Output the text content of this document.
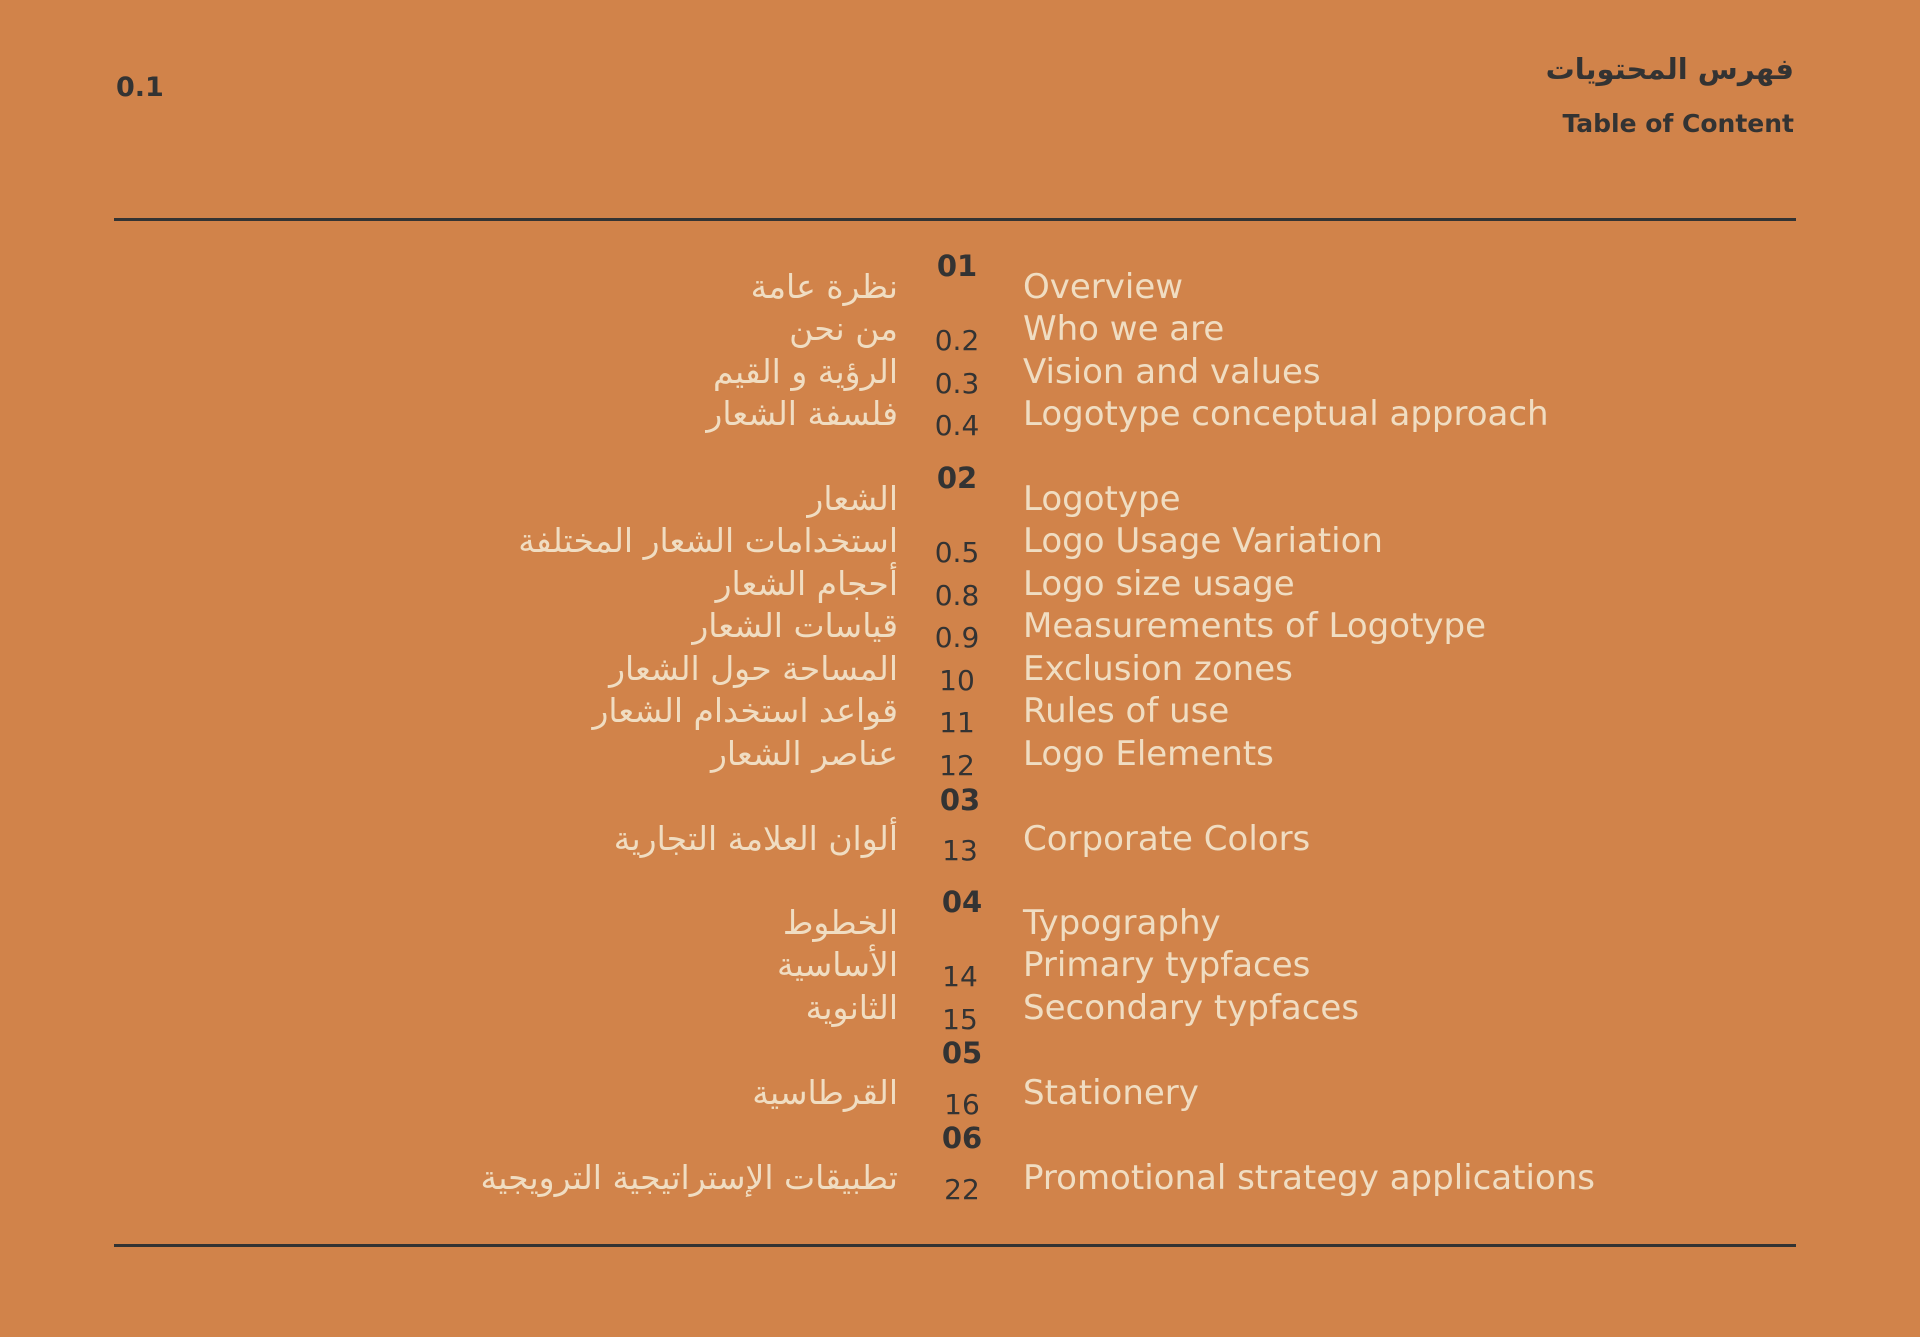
0.1
فهرس المحتويات
Table of Content
01
نظرة عامة	Overview
من نحن	0.2	Who we are
الرؤية و القيم	0.3	Vision and values
فلسفة الشعار	0.4	Logotype conceptual approach
02
الشعار	Logotype
استخدامات الشعار المختلفة	0.5	Logo Usage Variation
أحجام الشعار	0.8	Logo size usage
قياسات الشعار	0.9	Measurements of Logotype
المساحة حول الشعار	10	Exclusion zones
قواعد استخدام الشعار	11	Rules of use
عناصر الشعار	12	Logo Elements
03
ألوان العلامة التجارية	13	Corporate Colors
04
الخطوط	Typography
الأساسية	14	Primary typfaces
الثانوية	15	Secondary typfaces
05
القرطاسية	16	Stationery
06
تطبيقات الإستراتيجية الترويجية	22	Promotional strategy applications
